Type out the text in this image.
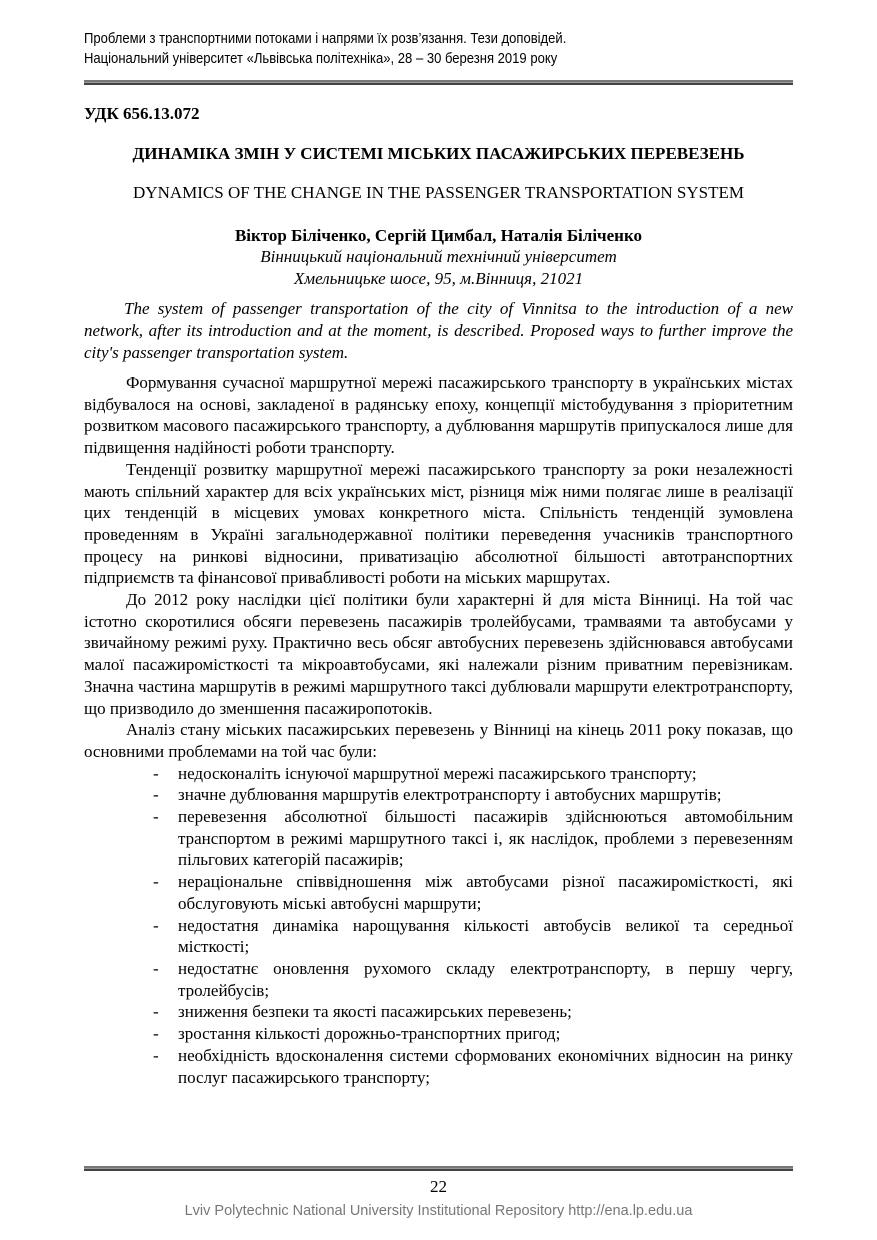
Проблеми з транспортними потоками і напрями їх розв’язання. Тези доповідей.
Національний університет «Львівська політехніка», 28 – 30 березня 2019 року
УДК 656.13.072
ДИНАМІКА ЗМІН У СИСТЕМІ МІСЬКИХ ПАСАЖИРСЬКИХ ПЕРЕВЕЗЕНЬ
DYNAMICS OF THE CHANGE IN THE PASSENGER TRANSPORTATION SYSTEM
Віктор Біліченко, Сергій Цимбал, Наталія Біліченко
Вінницький національний технічний університет
Хмельницьке шосе, 95, м.Вінниця, 21021
The system of passenger transportation of the city of Vinnitsa to the introduction of a new network, after its introduction and at the moment, is described. Proposed ways to further improve the city's passenger transportation system.

Формування сучасної маршрутної мережі пасажирського транспорту в українських містах відбувалося на основі, закладеної в радянську епоху, концепції містобудування з пріоритетним розвитком масового пасажирського транспорту, а дублювання маршрутів припускалося лише для підвищення надійності роботи транспорту.

Тенденції розвитку маршрутної мережі пасажирського транспорту за роки незалежності мають спільний характер для всіх українських міст, різниця між ними полягає лише в реалізації цих тенденцій в місцевих умовах конкретного міста. Спільність тенденцій зумовлена проведенням в Україні загальнодержавної політики переведення учасників транспортного процесу на ринкові відносини, приватизацію абсолютної більшості автотранспортних підприємств та фінансової привабливості роботи на міських маршрутах.

До 2012 року наслідки цієї політики були характерні й для міста Вінниці. На той час істотно скоротилися обсяги перевезень пасажирів тролейбусами, трамваями та автобусами у звичайному режимі руху. Практично весь обсяг автобусних перевезень здійснювався автобусами малої пасажиромісткості та мікроавтобусами, які належали різним приватним перевізникам. Значна частина маршрутів в режимі маршрутного таксі дублювали маршрути електротранспорту, що призводило до зменшення пасажиропотоків.

Аналіз стану міських пасажирських перевезень у Вінниці на кінець 2011 року показав, що основними проблемами на той час були:

- недосконаліть існуючої маршрутної мережі пасажирського транспорту;
- значне дублювання маршрутів електротранспорту і автобусних маршрутів;
- перевезення абсолютної більшості пасажирів здійснюються автомобільним транспортом в режимі маршрутного таксі і, як наслідок, проблеми з перевезенням пільгових категорій пасажирів;
- нераціональне співвідношення між автобусами різної пасажиромісткості, які обслуговують міські автобусні маршрути;
- недостатня динаміка нарощування кількості автобусів великої та середньої місткості;
- недостатнє оновлення рухомого складу електротранспорту, в першу чергу, тролейбусів;
- зниження безпеки та якості пасажирських перевезень;
- зростання кількості дорожньо-транспортних пригод;
- необхідність вдосконалення системи сформованих економічних відносин на ринку послуг пасажирського транспорту;
22
Lviv Polytechnic National University Institutional Repository http://ena.lp.edu.ua
